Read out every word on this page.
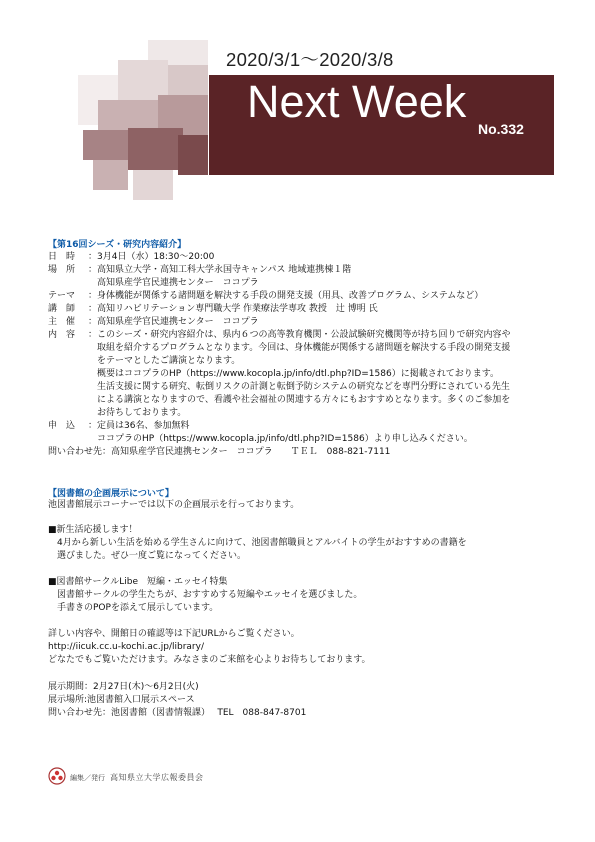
2020/3/1～2020/3/8
Next Week
No.332
【第16回シーズ・研究内容紹介】
日　時 ：3月4日（水）18:30～20:00
場　所 ：高知県立大学・高知工科大学永国寺キャンパス 地域連携棟１階
　高知県産学官民連携センター　ココプラ
テーマ ：身体機能が関係する諸問題を解決する手段の開発支援（用具、改善プログラム、システムなど）
講　師 ：高知リハビリテーション専門職大学 作業療法学専攻 教授　辻 博明 氏
主　催 ：高知県産学官民連携センター　ココプラ
内　容 ：このシーズ・研究内容紹介は、県内６つの高等教育機関・公設試験研究機関等が持ち回りで研究内容や
　取組を紹介するプログラムとなります。今回は、身体機能が関係する諸問題を解決する手段の開発支援
　をテーマとしたご講演となります。
　概要はココプラのHP（https://www.kocopla.jp/info/dtl.php?ID=1586）に掲載されております。
　生活支援に関する研究、転倒リスクの計測と転倒予防システムの研究などを専門分野にされている先生
　による講演となりますので、看護や社会福祉の関連する方々にもおすすめとなります。多くのご参加を
　お待ちしております。
申　込 ：定員は36名、参加無料
　ココプラのHP（https://www.kocopla.jp/info/dtl.php?ID=1586）より申し込みください。
問い合わせ先：高知県産学官民連携センター　ココプラ　　ＴＥＬ　088-821-7111
【図書館の企画展示について】
池図書館展示コーナーでは以下の企画展示を行っております。
■新生活応援します！
　4月から新しい生活を始める学生さんに向けて、池図書館職員とアルバイトの学生がおすすめの書籍を
　選びました。ぜひ一度ご覧になってください。
■図書館サークルLibe　短編・エッセイ特集
　図書館サークルの学生たちが、おすすめする短編やエッセイを選びました。
　手書きのPOPを添えて展示しています。
詳しい内容や、開館日の確認等は下記URLからご覧ください。
http://iicuk.cc.u-kochi.ac.jp/library/
どなたでもご覧いただけます。みなさまのご来館を心よりお待ちしております。
展示期間：2月27日(木)～6月2日(火)
展示場所:池図書館入口展示スペース
問い合わせ先：池図書館（図書情報課）　 TEL　088-847-8701
編集／発行 高知県立大学広報委員会
